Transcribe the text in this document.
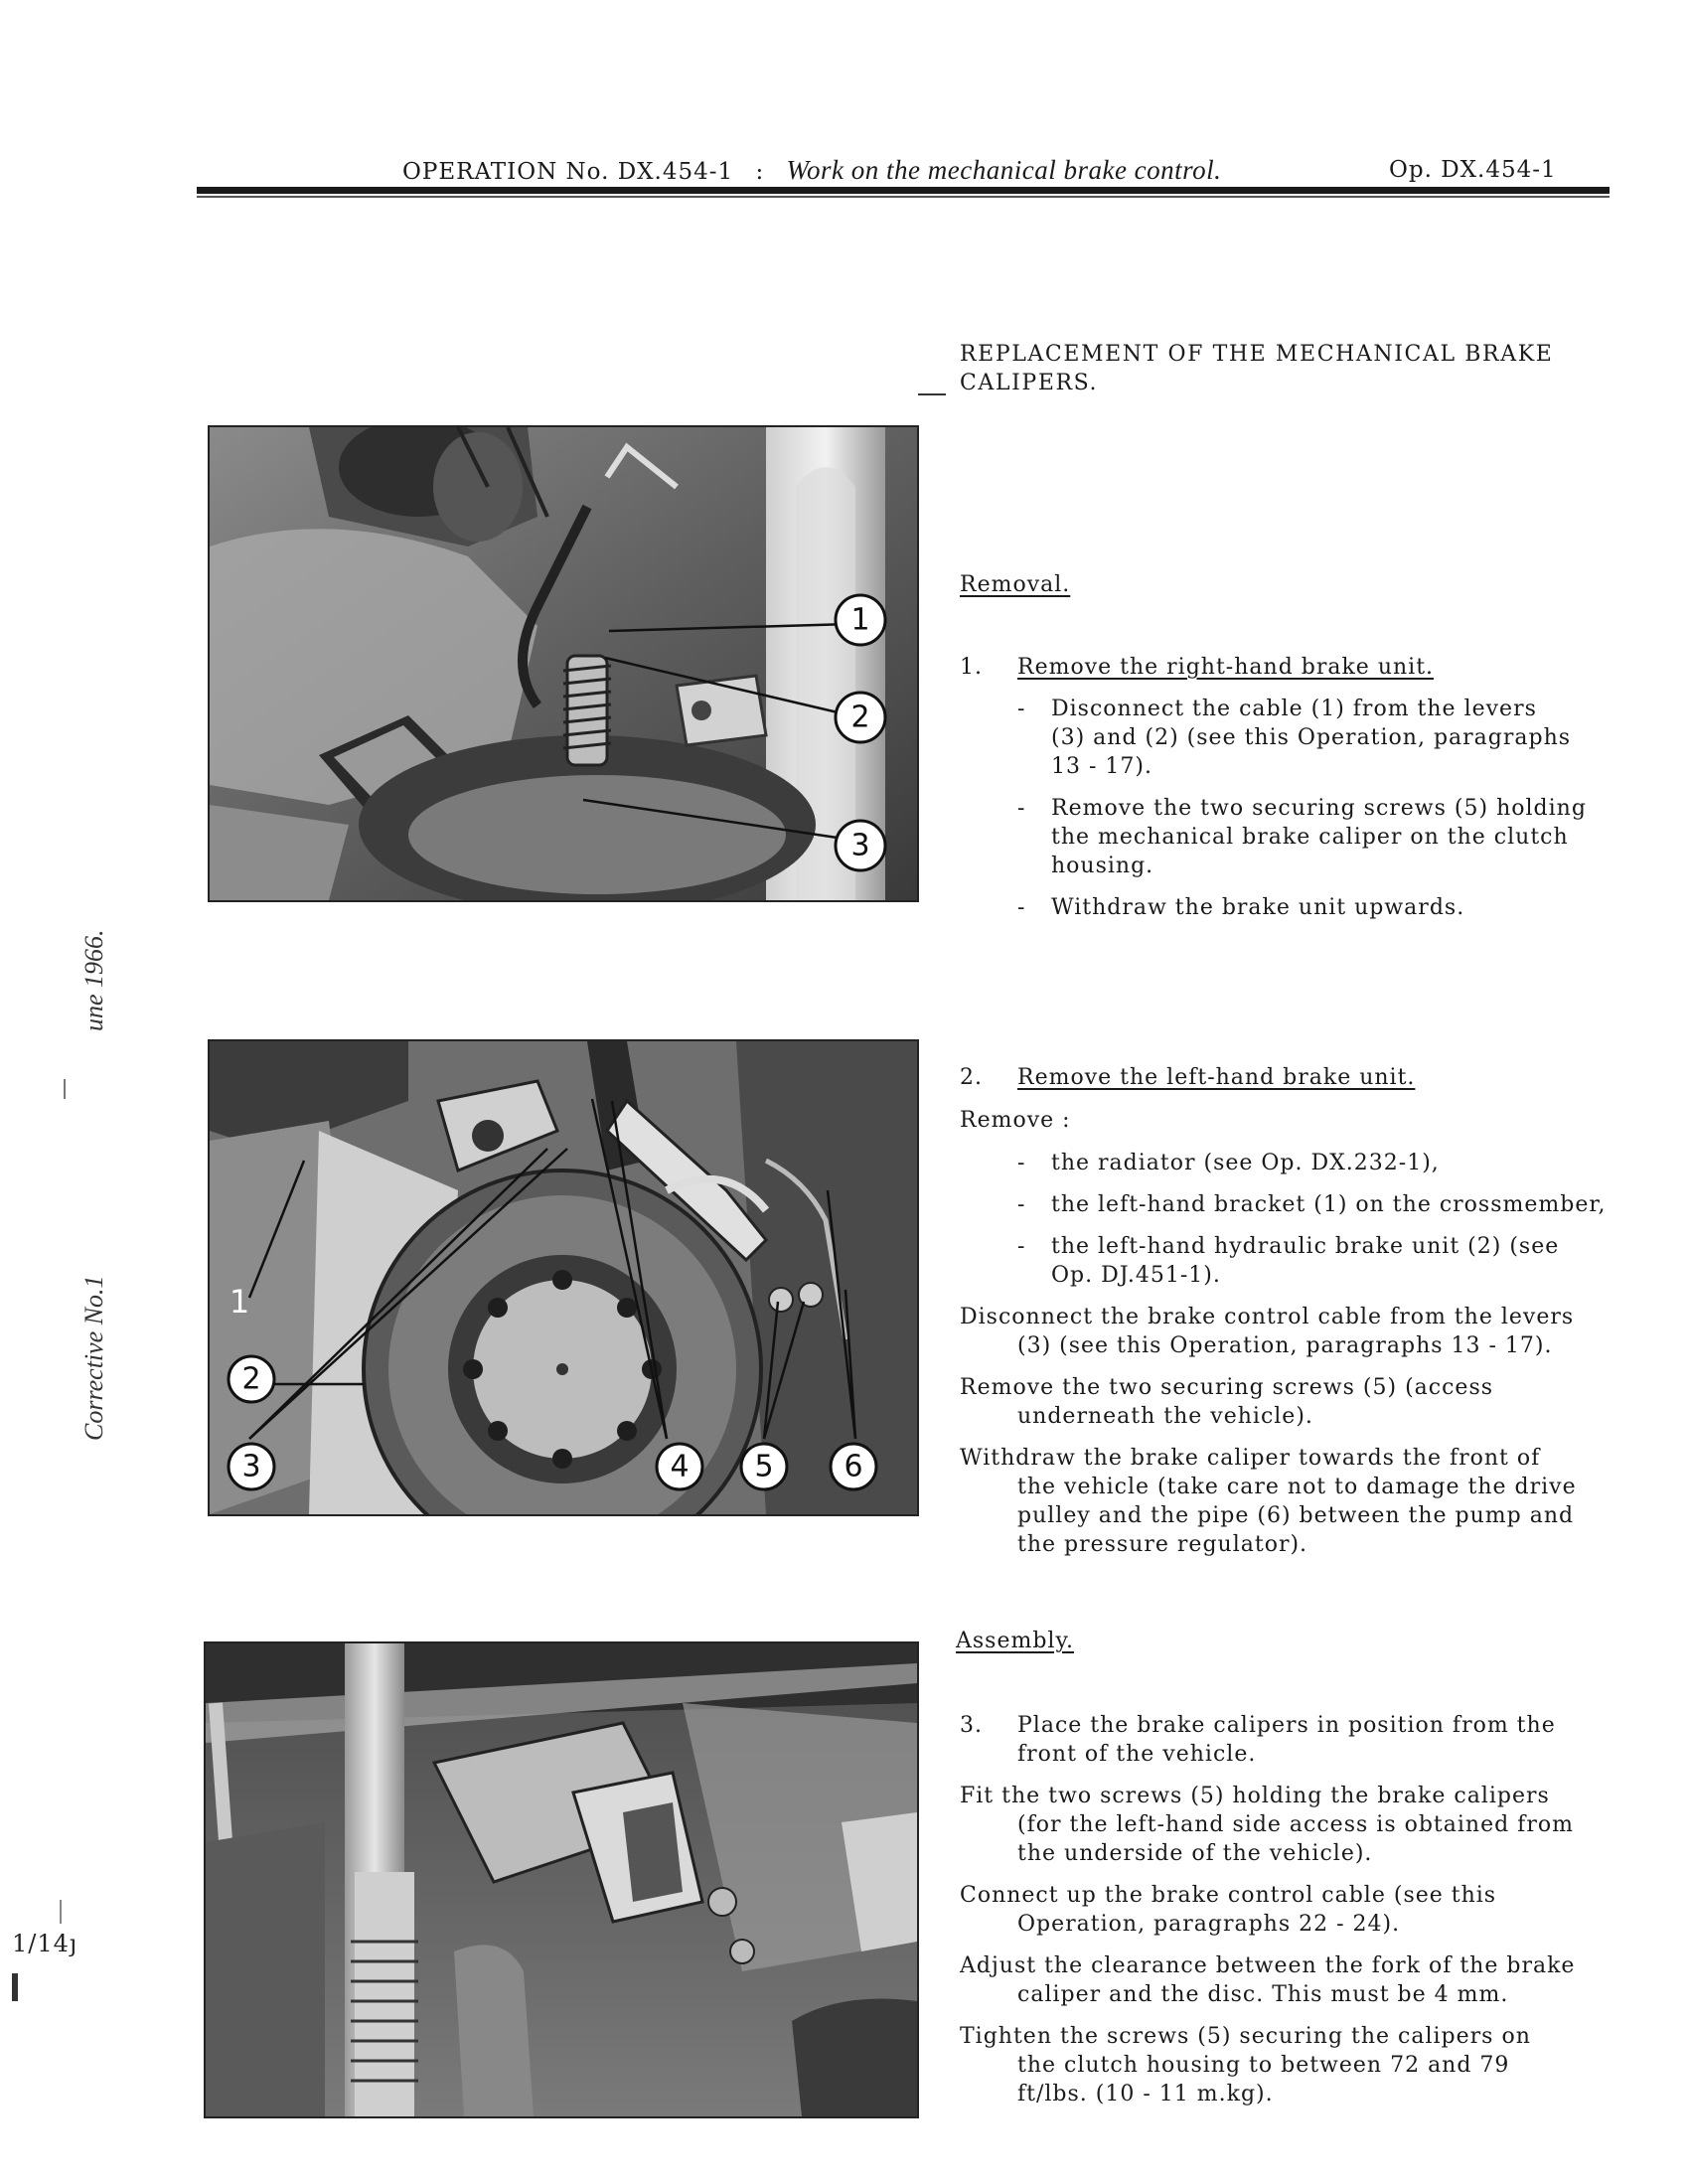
OPERATION No. DX.454-1 : Work on the mechanical brake control.	Op. DX.454-1
REPLACEMENT OF THE MECHANICAL BRAKE
CALIPERS.
1
2
3
1
2
3	4 5 6
Removal.
1. Remove the right-hand brake unit.
- Disconnect the cable (1) from the levers
(3) and (2) (see this Operation, paragraphs
13 - 17).
- Remove the two securing screws (5) holding
the mechanical brake caliper on the clutch
housing.
- Withdraw the brake unit upwards.
2. Remove the left-hand brake unit.
Remove :
- the radiator (see Op. DX.232-1),
- the left-hand bracket (1) on the crossmember,
- the left-hand hydraulic brake unit (2) (see
Op. DJ.451-1).
Disconnect the brake control cable from the levers
(3) (see this Operation, paragraphs 13 - 17).
Remove the two securing screws (5) (access
underneath the vehicle).
Withdraw the brake caliper towards the front of
the vehicle (take care not to damage the drive
pulley and the pipe (6) between the pump and
the pressure regulator).
Assembly.
3. Place the brake calipers in position from the
front of the vehicle.
Fit the two screws (5) holding the brake calipers
(for the left-hand side access is obtained from
the underside of the vehicle).
Connect up the brake control cable (see this
Operation, paragraphs 22 - 24).
Adjust the clearance between the fork of the brake
caliper and the disc. This must be 4 mm.
Tighten the screws (5) securing the calipers on
the clutch housing to between 72 and 79
ft/lbs. (10 - 11 m.kg).
une 1966.
Corrective No.1
1/14յ
